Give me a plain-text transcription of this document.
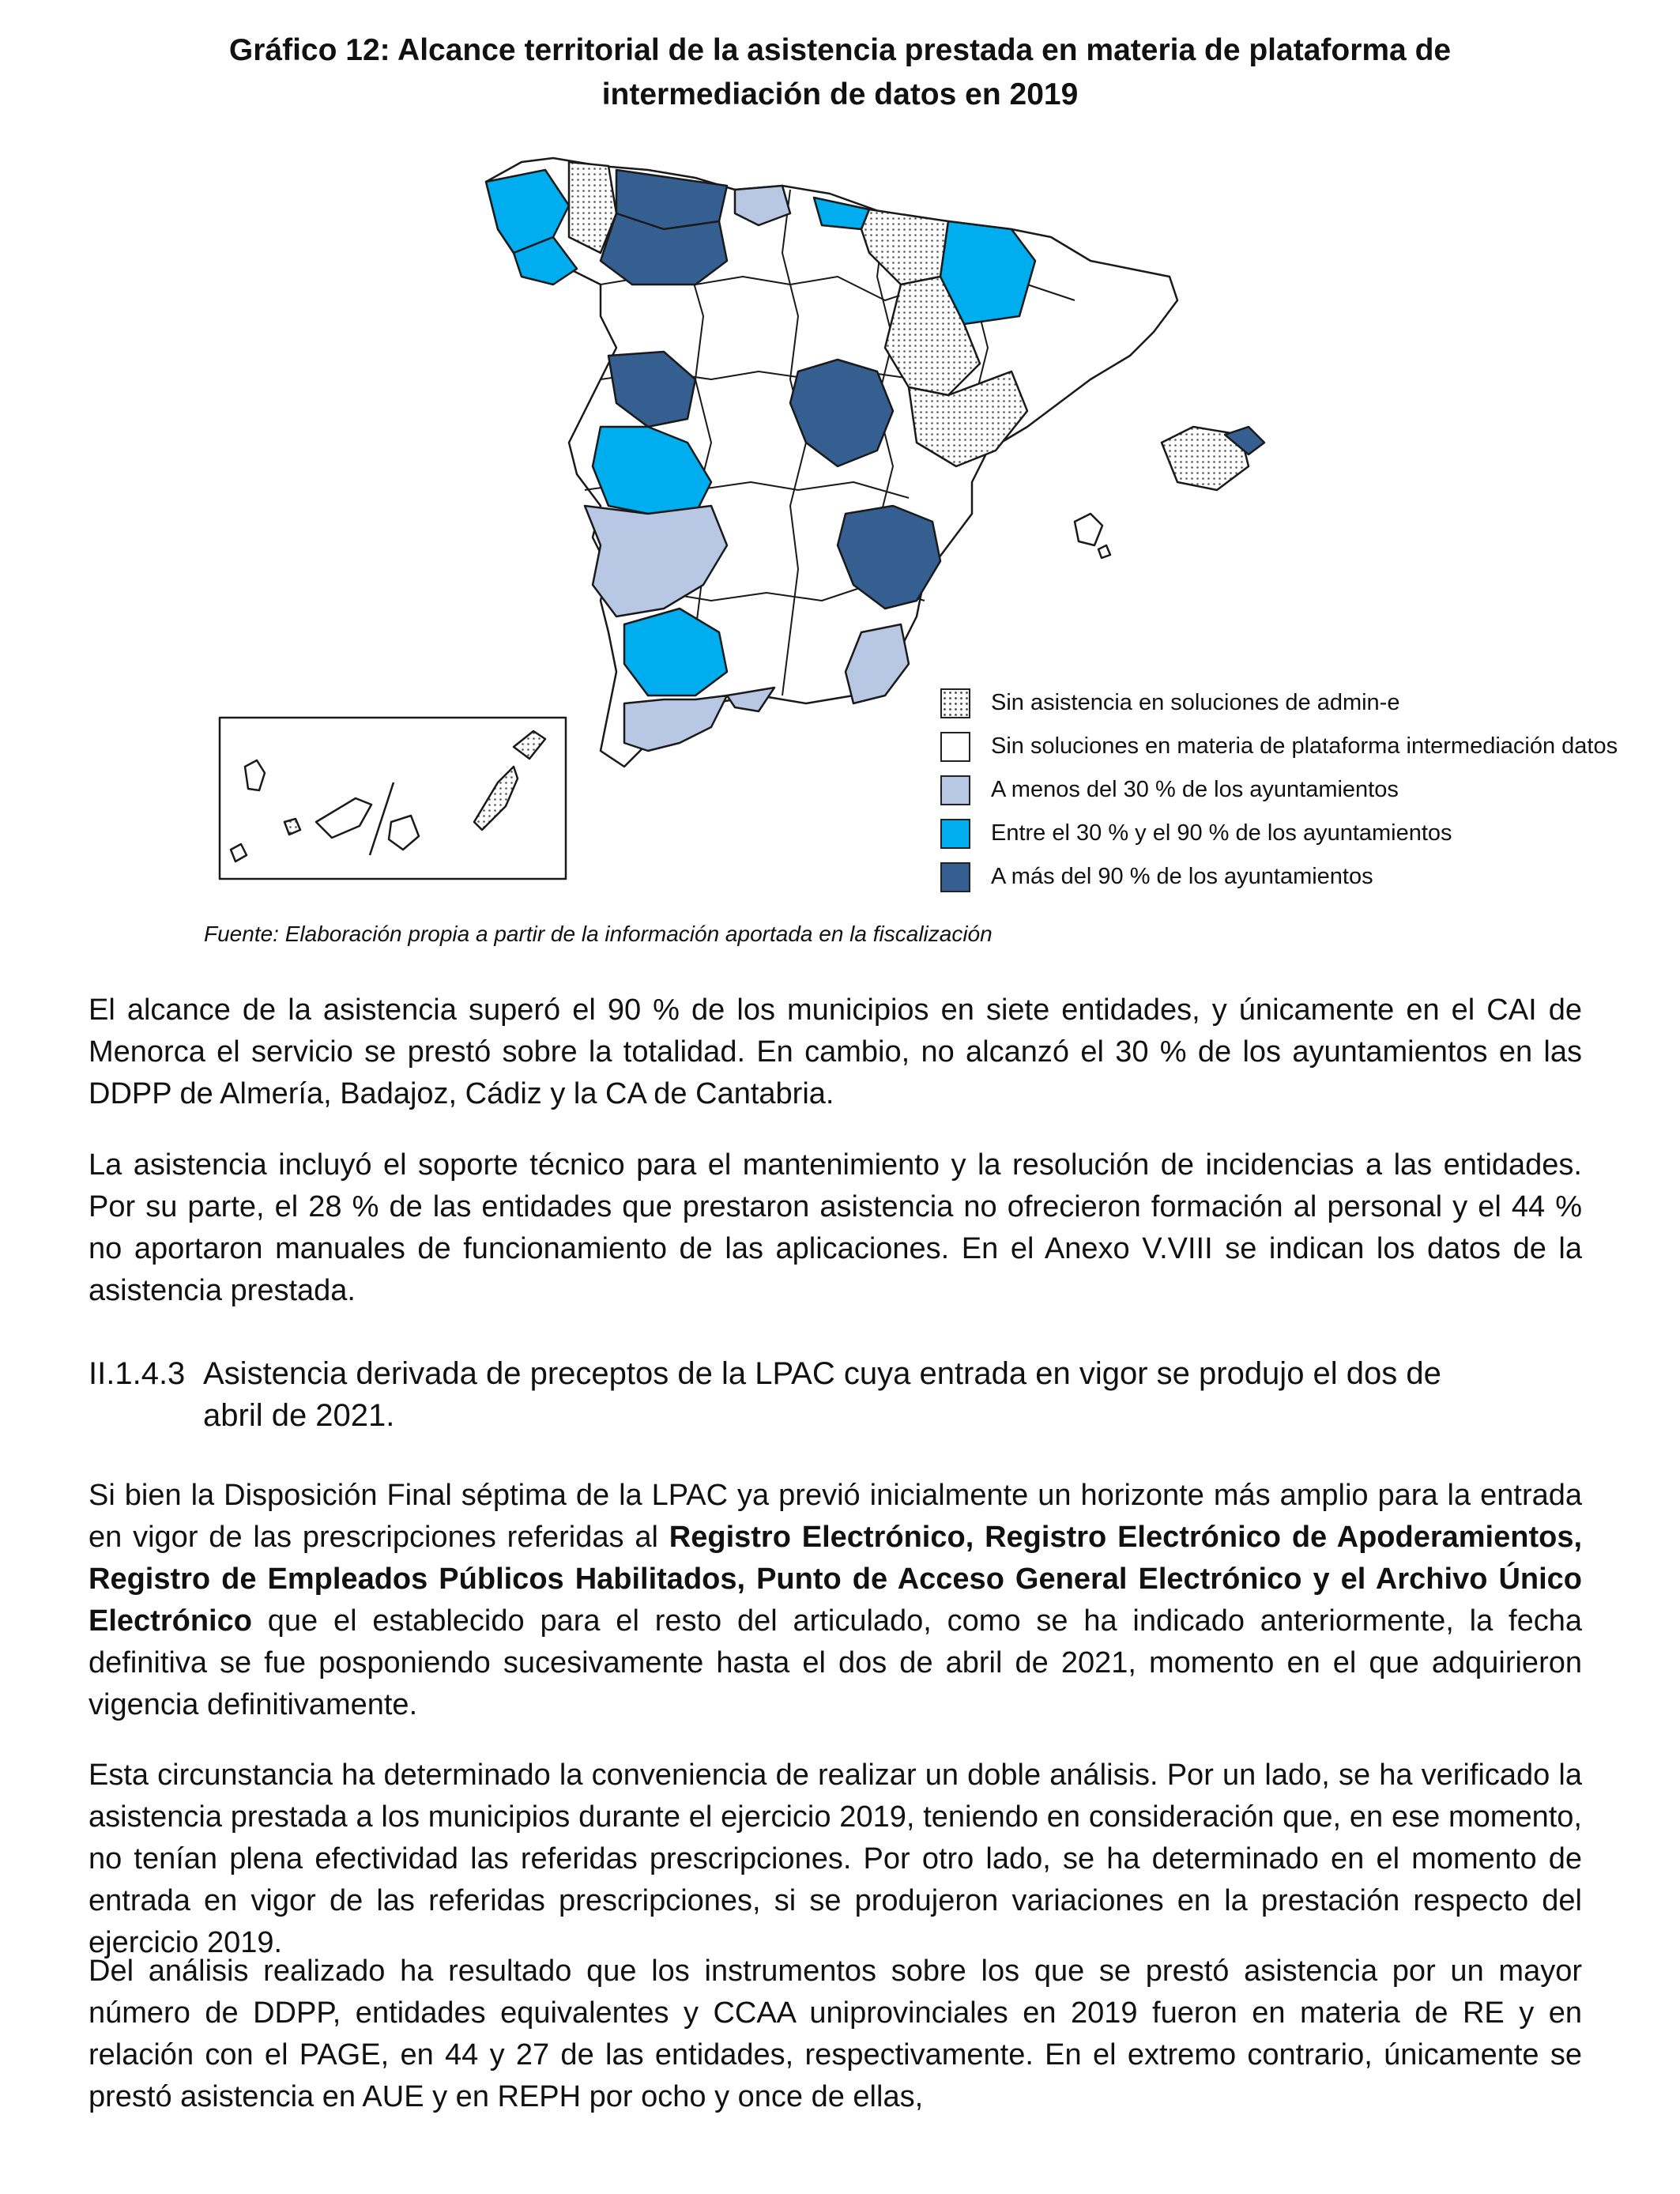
Gráfico 12: Alcance territorial de la asistencia prestada en materia de plataforma de
intermediación de datos en 2019
Sin asistencia en soluciones de admin-e
Sin soluciones en materia de plataforma intermediación datos
A menos del 30 % de los ayuntamientos
Entre el 30 % y el 90 % de los ayuntamientos
A más del 90 % de los ayuntamientos
Fuente: Elaboración propia a partir de la información aportada en la fiscalización

El alcance de la asistencia superó el 90 % de los municipios en siete entidades, y únicamente en el CAI de Menorca el servicio se prestó sobre la totalidad. En cambio, no alcanzó el 30 % de los ayuntamientos en las DDPP de Almería, Badajoz, Cádiz y la CA de Cantabria.

La asistencia incluyó el soporte técnico para el mantenimiento y la resolución de incidencias a las entidades. Por su parte, el 28 % de las entidades que prestaron asistencia no ofrecieron formación al personal y el 44 % no aportaron manuales de funcionamiento de las aplicaciones. En el Anexo V.VIII se indican los datos de la asistencia prestada.

II.1.4.3 Asistencia derivada de preceptos de la LPAC cuya entrada en vigor se produjo el dos de
abril de 2021.

Si bien la Disposición Final séptima de la LPAC ya previó inicialmente un horizonte más amplio para la entrada en vigor de las prescripciones referidas al Registro Electrónico, Registro Electrónico de Apoderamientos, Registro de Empleados Públicos Habilitados, Punto de Acceso General Electrónico y el Archivo Único Electrónico que el establecido para el resto del articulado, como se ha indicado anteriormente, la fecha definitiva se fue posponiendo sucesivamente hasta el dos de abril de 2021, momento en el que adquirieron vigencia definitivamente.

Esta circunstancia ha determinado la conveniencia de realizar un doble análisis. Por un lado, se ha verificado la asistencia prestada a los municipios durante el ejercicio 2019, teniendo en consideración que, en ese momento, no tenían plena efectividad las referidas prescripciones. Por otro lado, se ha determinado en el momento de entrada en vigor de las referidas prescripciones, si se produjeron variaciones en la prestación respecto del ejercicio 2019.

Del análisis realizado ha resultado que los instrumentos sobre los que se prestó asistencia por un mayor número de DDPP, entidades equivalentes y CCAA uniprovinciales en 2019 fueron en materia de RE y en relación con el PAGE, en 44 y 27 de las entidades, respectivamente. En el extremo contrario, únicamente se prestó asistencia en AUE y en REPH por ocho y once de ellas,
